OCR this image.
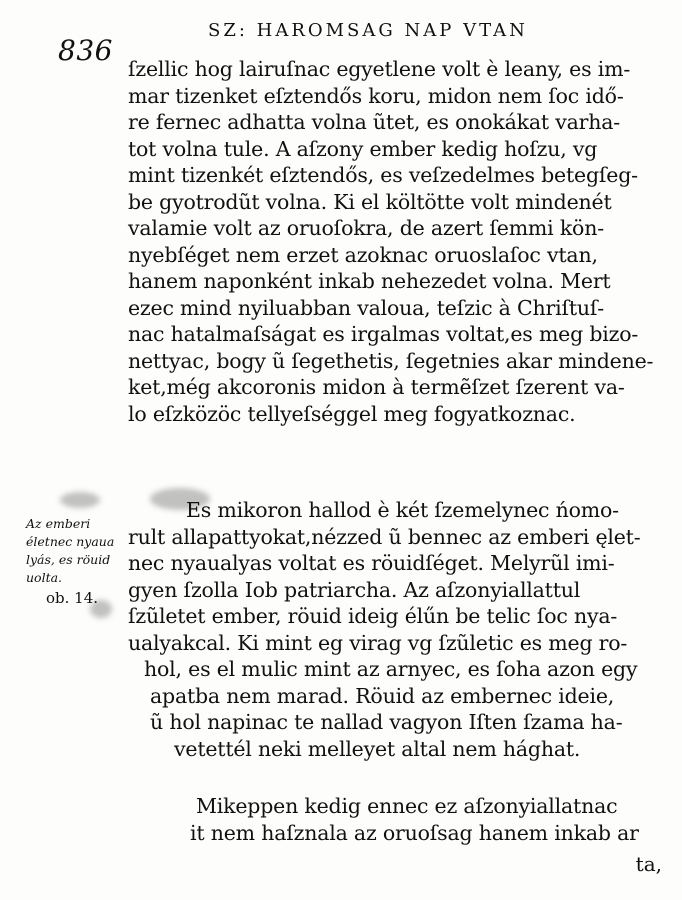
836
SZ: HAROMSAG NAP VTAN
ſzellic hog lairuſnac egyetlene volt è leany, es im‑
mar tizenket eſztendős koru, midon nem ſoc idő‑
re fernec adhatta volna ũtet, es onokákat varha‑
tot volna tule. A aſzony ember kedig hoſzu, vg
mint tizenkét eſztendős, es veſzedelmes betegſeg‑
be gyotrodũt volna. Ki el költötte volt mindenét
valamie volt az oruoſokra, de azert ſemmi kön‑
nyebſéget nem erzet azoknac oruoslaſoc vtan,
hanem naponként inkab nehezedet volna. Mert
ezec mind nyiluabban valoua, teſzic à Chriſtuſ‑
nac hatalmaſságat es irgalmas voltat,es meg bizo‑
nettyac, bogy ũ ſegethetis, ſegetnies akar mindene‑
ket,még akcoronis midon à termẽſzet ſzerent va‑
lo eſzközöc tellyeſséggel meg fogyatkoznac.
Az emberi
életnec nyaua
lyás, es röuid
uolta.
ob. 14.
Es mikoron hallod è két ſzemelynec ńomo‑
rult allapattyokat,nézzed ũ bennec az emberi ęlet‑
nec nyaualyas voltat es röuidſéget. Melyrũl imi‑
gyen ſzolla Iob patriarcha. Az aſzonyiallattul
ſzũletet ember, röuid ideig élűn be telic ſoc nya‑
ualyakcal. Ki mint eg virag vg ſzũletic es meg ro‑
hol, es el mulic mint az arnyec, es ſoha azon egy
apatba nem marad. Röuid az embernec ideie,
ũ hol napinac te nallad vagyon Iſten ſzama ha‑
vetettél neki melleyet altal nem hághat.
Mikeppen kedig ennec ez aſzonyiallatnac
it nem haſznala az oruoſsag hanem inkab ar
ta,
